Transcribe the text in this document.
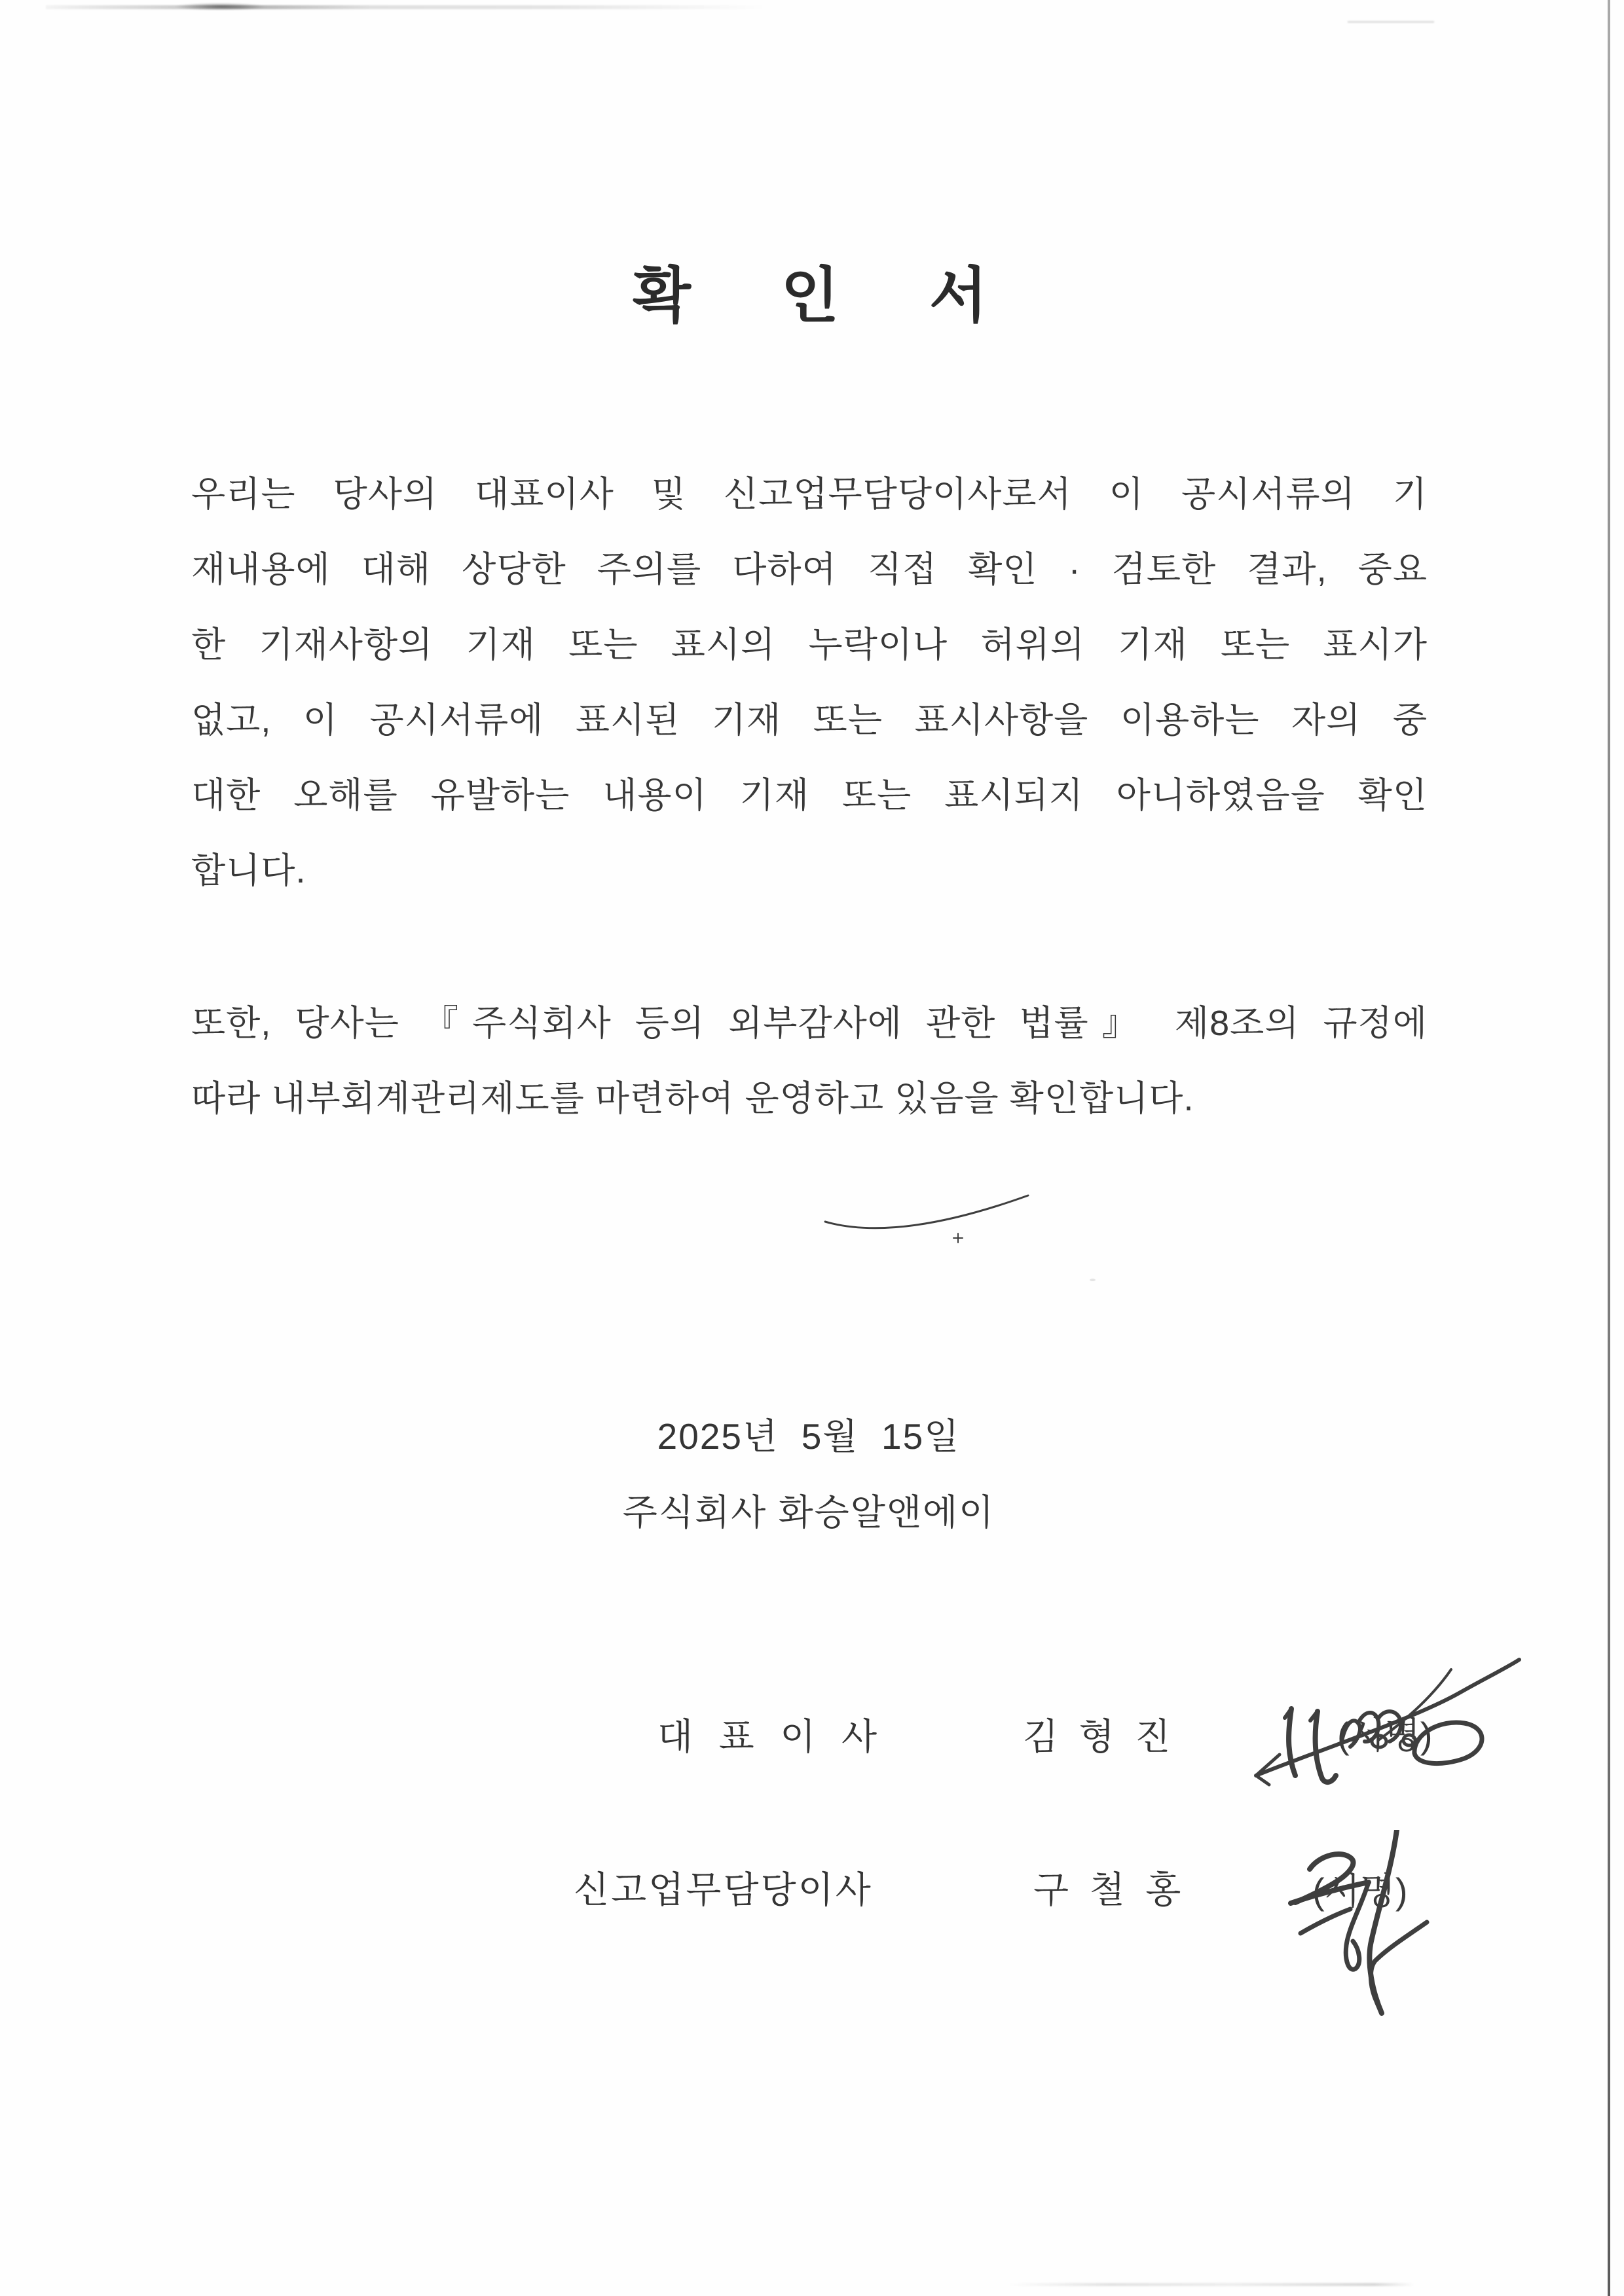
확 인 서
우리는 당사의 대표이사 및 신고업무담당이사로서 이 공시서류의 기
재내용에 대해 상당한 주의를 다하여 직접 확인 · 검토한 결과, 중요
한 기재사항의 기재 또는 표시의 누락이나 허위의 기재 또는 표시가
없고, 이 공시서류에 표시된 기재 또는 표시사항을 이용하는 자의 중
대한 오해를 유발하는 내용이 기재 또는 표시되지 아니하였음을 확인
합니다.
또한, 당사는 『주식회사 등의 외부감사에 관한 법률』 제8조의 규정에
따라 내부회계관리제도를 마련하여 운영하고 있음을 확인합니다.
2025년  5월  15일
주식회사 화승알앤에이
대 표 이 사	김 형 진	(서명)
신고업무담당이사	구 철 홍	(서명)
